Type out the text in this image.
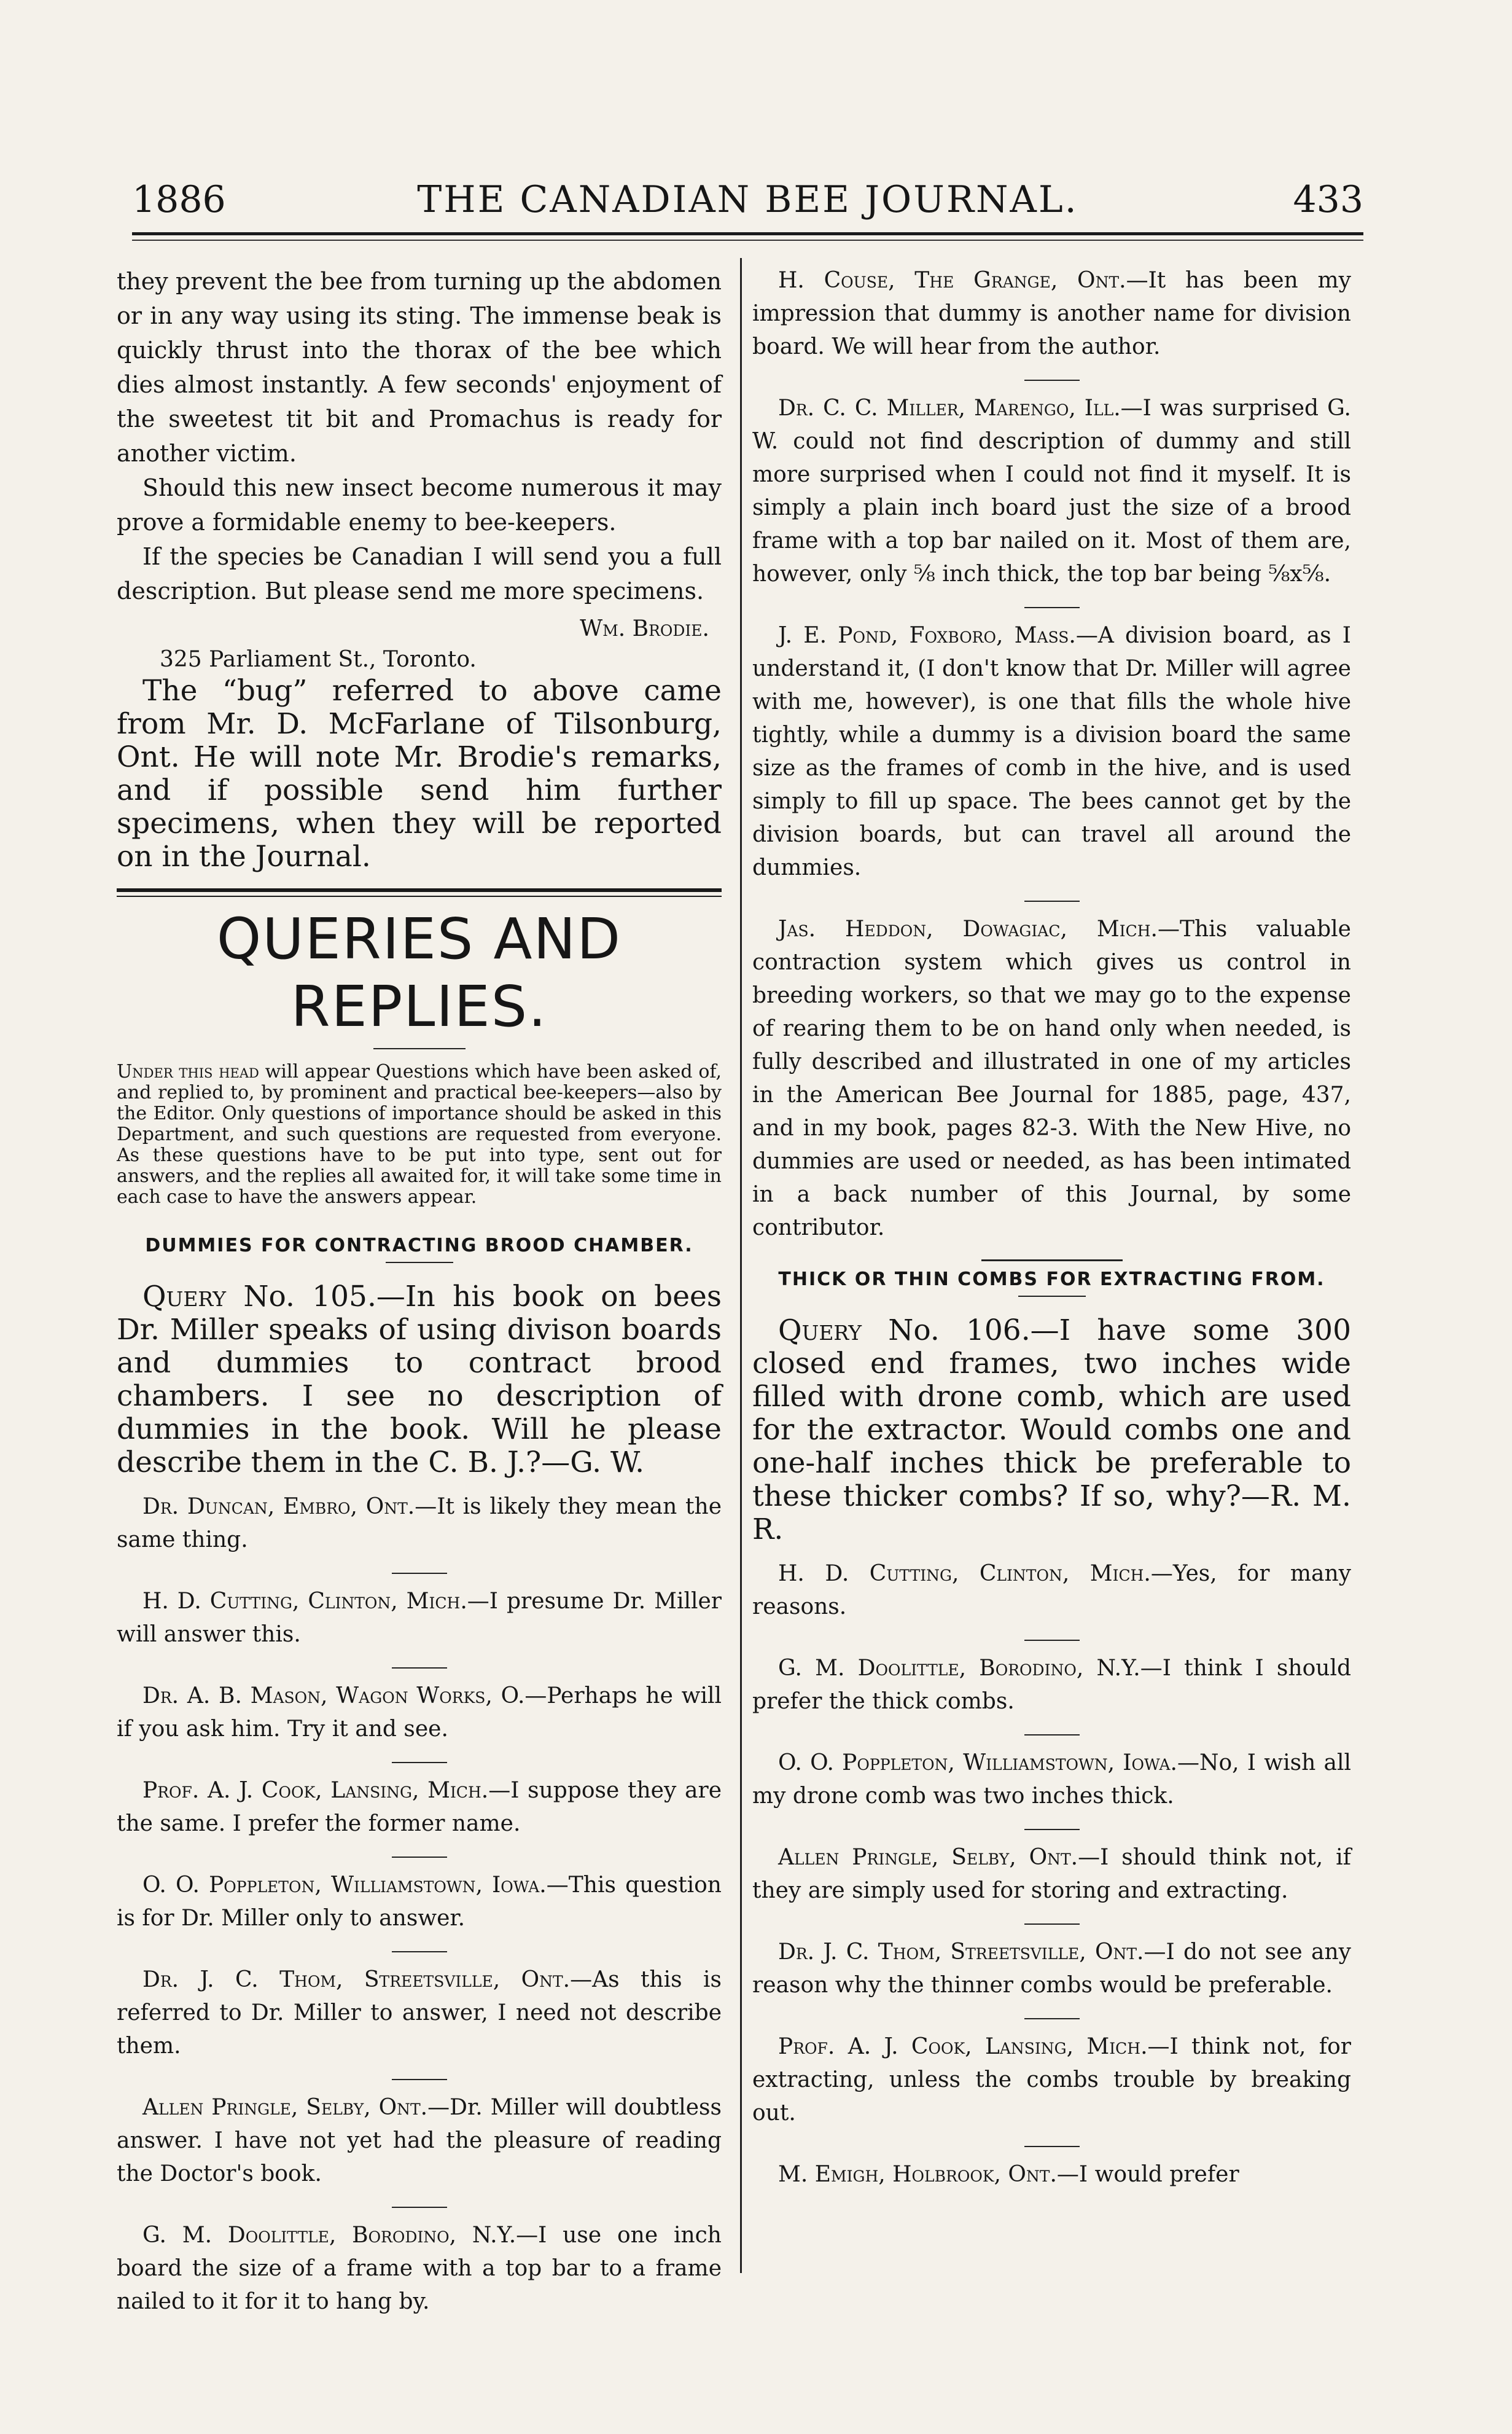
1886	THE CANADIAN BEE JOURNAL.	433

they prevent the bee from turning up the abdomen or in any way using its sting. The immense beak is quickly thrust into the thorax of the bee which dies almost instantly. A few seconds' enjoyment of the sweetest tit bit and Promachus is ready for another victim.

Should this new insect become numerous it may prove a formidable enemy to bee-keepers.

If the species be Canadian I will send you a full description. But please send me more specimens.

Wm. Brodie.
325 Parliament St., Toronto.

The “bug” referred to above came from Mr. D. McFarlane of Tilsonburg, Ont. He will note Mr. Brodie's remarks, and if possible send him further specimens, when they will be reported on in the Journal.

QUERIES AND REPLIES.

Under this head will appear Questions which have been asked of, and replied to, by prominent and practical bee-keepers—also by the Editor. Only questions of importance should be asked in this Department, and such questions are requested from everyone. As these questions have to be put into type, sent out for answers, and the replies all awaited for, it will take some time in each case to have the answers appear.

DUMMIES FOR CONTRACTING BROOD CHAMBER.

Query No. 105.—In his book on bees Dr. Miller speaks of using divison boards and dummies to contract brood chambers. I see no description of dummies in the book. Will he please describe them in the C. B. J.?—G. W.

Dr. Duncan, Embro, Ont.—It is likely they mean the same thing.

H. D. Cutting, Clinton, Mich.—I presume Dr. Miller will answer this.

Dr. A. B. Mason, Wagon Works, O.—Perhaps he will if you ask him. Try it and see.

Prof. A. J. Cook, Lansing, Mich.—I suppose they are the same. I prefer the former name.

O. O. Poppleton, Williamstown, Iowa.—This question is for Dr. Miller only to answer.

Dr. J. C. Thom, Streetsville, Ont.—As this is referred to Dr. Miller to answer, I need not describe them.

Allen Pringle, Selby, Ont.—Dr. Miller will doubtless answer. I have not yet had the pleasure of reading the Doctor's book.

G. M. Doolittle, Borodino, N.Y.—I use one inch board the size of a frame with a top bar to a frame nailed to it for it to hang by.

H. Couse, The Grange, Ont.—It has been my impression that dummy is another name for division board. We will hear from the author.

Dr. C. C. Miller, Marengo, Ill.—I was surprised G. W. could not find description of dummy and still more surprised when I could not find it myself. It is simply a plain inch board just the size of a brood frame with a top bar nailed on it. Most of them are, however, only ⅝ inch thick, the top bar being ⅝x⅝.

J. E. Pond, Foxboro, Mass.—A division board, as I understand it, (I don't know that Dr. Miller will agree with me, however), is one that fills the whole hive tightly, while a dummy is a division board the same size as the frames of comb in the hive, and is used simply to fill up space. The bees cannot get by the division boards, but can travel all around the dummies.

Jas. Heddon, Dowagiac, Mich.—This valuable contraction system which gives us control in breeding workers, so that we may go to the expense of rearing them to be on hand only when needed, is fully described and illustrated in one of my articles in the American Bee Journal for 1885, page, 437, and in my book, pages 82-3. With the New Hive, no dummies are used or needed, as has been intimated in a back number of this Journal, by some contributor.

THICK OR THIN COMBS FOR EXTRACTING FROM.

Query No. 106.—I have some 300 closed end frames, two inches wide filled with drone comb, which are used for the extractor. Would combs one and one-half inches thick be preferable to these thicker combs? If so, why?—R. M. R.

H. D. Cutting, Clinton, Mich.—Yes, for many reasons.

G. M. Doolittle, Borodino, N.Y.—I think I should prefer the thick combs.

O. O. Poppleton, Williamstown, Iowa.—No, I wish all my drone comb was two inches thick.

Allen Pringle, Selby, Ont.—I should think not, if they are simply used for storing and extracting.

Dr. J. C. Thom, Streetsville, Ont.—I do not see any reason why the thinner combs would be preferable.

Prof. A. J. Cook, Lansing, Mich.—I think not, for extracting, unless the combs trouble by breaking out.

M. Emigh, Holbrook, Ont.—I would prefer
